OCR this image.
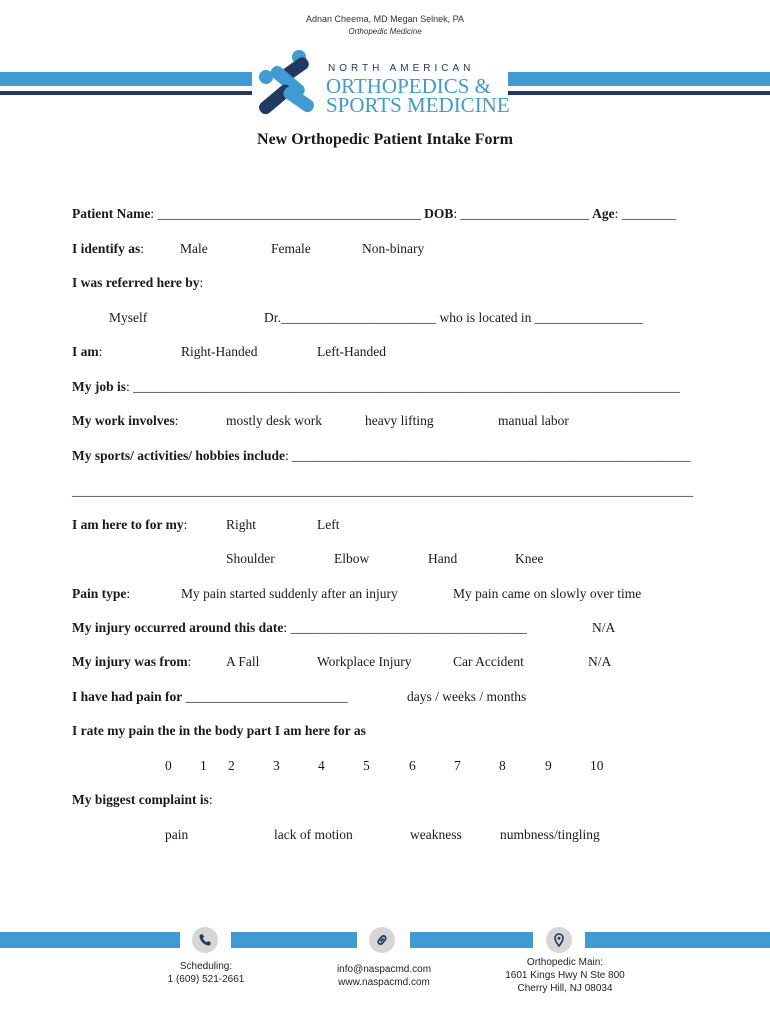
Adnan Cheema, MD Megan Selnek, PA
Orthopedic Medicine
NORTH AMERICAN
ORTHOPEDICS &
SPORTS MEDICINE
New Orthopedic Patient Intake Form
Patient Name: _______________________________________ DOB: ___________________ Age: ________
I identify as:	Male	Female	Non-binary
I was referred here by:
Myself	Dr._______________________ who is located in ________________
I am:	Right-Handed	Left-Handed
My job is: _________________________________________________________________________________
My work involves:	mostly desk work	heavy lifting	manual labor
My sports/ activities/ hobbies include: ___________________________________________________________
____________________________________________________________________________________________
I am here to for my:	Right	Left
Shoulder	Elbow	Hand	Knee
Pain type:	My pain started suddenly after an injury	My pain came on slowly over time
My injury occurred around this date: ___________________________________	N/A
My injury was from:	A Fall	Workplace Injury	Car Accident	N/A
I have had pain for ________________________	days / weeks / months
I rate my pain the in the body part I am here for as
0 1 2	3	4	5	6	7	8	9	10
My biggest complaint is:
pain	lack of motion	weakness	numbness/tingling
Scheduling:
1 (609) 521-2661
info@naspacmd.com
www.naspacmd.com
Orthopedic Main:
1601 Kings Hwy N Ste 800
Cherry Hill, NJ 08034
